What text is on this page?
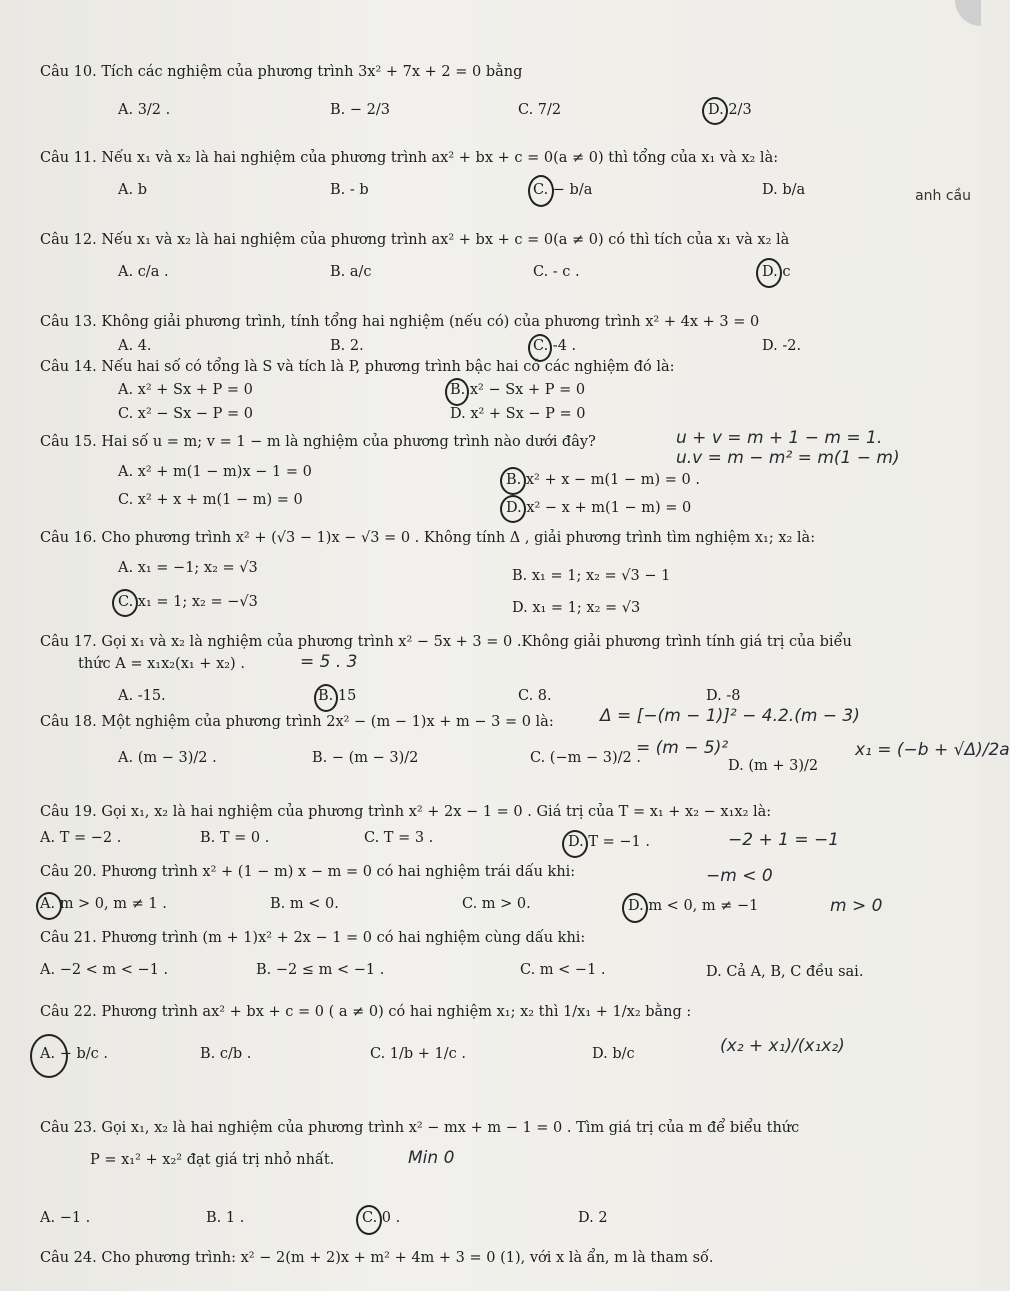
Câu 10. Tích các nghiệm của phương trình 3x² + 7x + 2 = 0 bằng
A. 3/2 .	B. − 2/3	C. 7/2	D. 2/3
Câu 11. Nếu x₁ và x₂ là hai nghiệm của phương trình ax² + bx + c = 0(a ≠ 0) thì tổng của x₁ và x₂ là:
A. b	B. - b	C. − b/a	D. b/a	anh cầu
Câu 12. Nếu x₁ và x₂ là hai nghiệm của phương trình ax² + bx + c = 0(a ≠ 0) có thì tích của x₁ và x₂ là
A. c/a .	B. a/c	C. - c .	D. c
Câu 13. Không giải phương trình, tính tổng hai nghiệm (nếu có) của phương trình x² + 4x + 3 = 0
A. 4.	B. 2.	C. -4 .	D. -2.
Câu 14. Nếu hai số có tổng là S và tích là P, phương trình bậc hai có các nghiệm đó là:
A. x² + Sx + P = 0	B. x² − Sx + P = 0
C. x² − Sx − P = 0	D. x² + Sx − P = 0
Câu 15. Hai số u = m; v = 1 − m là nghiệm của phương trình nào dưới đây?	u + v = m + 1 − m = 1.
u.v = m − m² = m(1 − m)
A. x² + m(1 − m)x − 1 = 0	B. x² + x − m(1 − m) = 0 .
C. x² + x + m(1 − m) = 0	D. x² − x + m(1 − m) = 0
Câu 16. Cho phương trình x² + (√3 − 1)x − √3 = 0 . Không tính Δ , giải phương trình tìm nghiệm x₁; x₂ là:
A. x₁ = −1; x₂ = √3	B. x₁ = 1; x₂ = √3 − 1
C. x₁ = 1; x₂ = −√3	D. x₁ = 1; x₂ = √3
Câu 17. Gọi x₁ và x₂ là nghiệm của phương trình x² − 5x + 3 = 0 .Không giải phương trình tính giá trị của biểu
thức A = x₁x₂(x₁ + x₂) .	= 5 . 3
A. -15.	B. 15	C. 8.	D. -8
Câu 18. Một nghiệm của phương trình 2x² − (m − 1)x + m − 3 = 0 là:	Δ = [−(m − 1)]² − 4.2.(m − 3)
= (m − 5)²	x₁ = (−b + √Δ)/2a
A. (m − 3)/2 .	B. − (m − 3)/2	C. (−m − 3)/2 .	D. (m + 3)/2
Câu 19. Gọi x₁, x₂ là hai nghiệm của phương trình x² + 2x − 1 = 0 . Giá trị của T = x₁ + x₂ − x₁x₂ là:
A. T = −2 .	B. T = 0 .	C. T = 3 .	D. T = −1 .	−2 + 1 = −1
Câu 20. Phương trình x² + (1 − m) x − m = 0 có hai nghiệm trái dấu khi:	−m < 0
A. m > 0, m ≠ 1 .	B. m < 0.	C. m > 0.	D. m < 0, m ≠ −1	m > 0
Câu 21. Phương trình (m + 1)x² + 2x − 1 = 0 có hai nghiệm cùng dấu khi:
A. −2 < m < −1 .	B. −2 ≤ m < −1 .	C. m < −1 .	D. Cả A, B, C đều sai.
Câu 22. Phương trình ax² + bx + c = 0 ( a ≠ 0) có hai nghiệm x₁; x₂ thì 1/x₁ + 1/x₂ bằng :
(x₂ + x₁)/(x₁x₂)
A. − b/c .	B. c/b .	C. 1/b + 1/c .	D. b/c
Câu 23. Gọi x₁, x₂ là hai nghiệm của phương trình x² − mx + m − 1 = 0 . Tìm giá trị của m để biểu thức
P = x₁² + x₂² đạt giá trị nhỏ nhất.	Min 0
A. −1 .	B. 1 .	C. 0 .	D. 2
Câu 24. Cho phương trình: x² − 2(m + 2)x + m² + 4m + 3 = 0 (1), với x là ẩn, m là tham số.
